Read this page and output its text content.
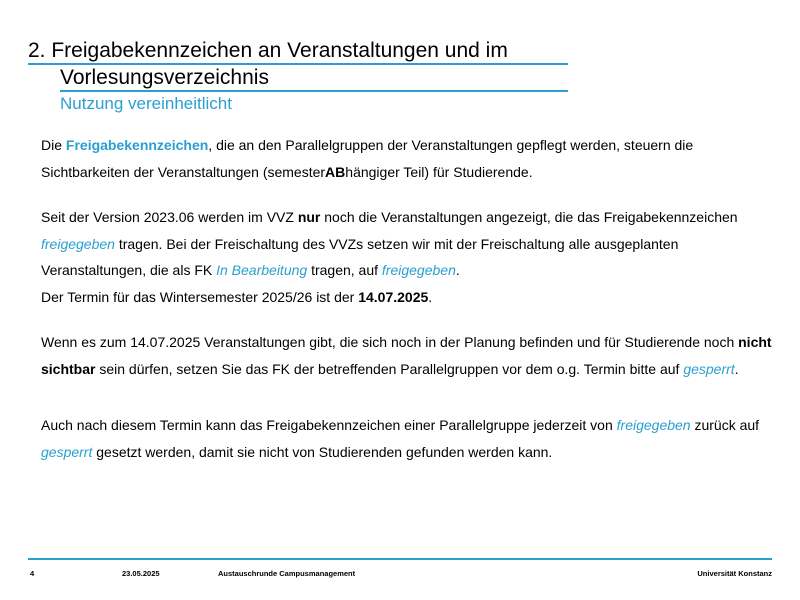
2. Freigabekennzeichen an Veranstaltungen und im
Vorlesungsverzeichnis
Nutzung vereinheitlicht

Die Freigabekennzeichen, die an den Parallelgruppen der Veranstaltungen gepflegt werden, steuern die Sichtbarkeiten der Veranstaltungen (semesterABhängiger Teil) für Studierende.

Seit der Version 2023.06 werden im VVZ nur noch die Veranstaltungen angezeigt, die das Freigabekennzeichen freigegeben tragen. Bei der Freischaltung des VVZs setzen wir mit der Freischaltung alle ausgeplanten Veranstaltungen, die als FK In Bearbeitung tragen, auf freigegeben.
Der Termin für das Wintersemester 2025/26 ist der 14.07.2025.

Wenn es zum 14.07.2025 Veranstaltungen gibt, die sich noch in der Planung befinden und für Studierende noch nicht sichtbar sein dürfen, setzen Sie das FK der betreffenden Parallelgruppen vor dem o.g. Termin bitte auf gesperrt.

Auch nach diesem Termin kann das Freigabekennzeichen einer Parallelgruppe jederzeit von freigegeben zurück auf gesperrt gesetzt werden, damit sie nicht von Studierenden gefunden werden kann.

4	23.05.2025	Austauschrunde Campusmanagement	Universität Konstanz
